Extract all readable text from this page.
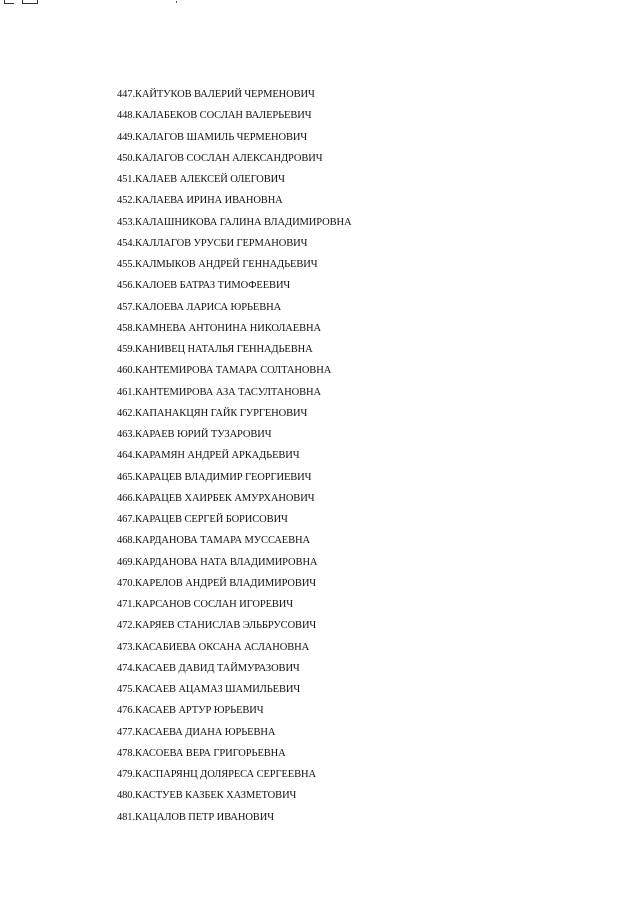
447.КАЙТУКОВ ВАЛЕРИЙ ЧЕРМЕНОВИЧ
448.КАЛАБЕКОВ СОСЛАН ВАЛЕРЬЕВИЧ
449.КАЛАГОВ ШАМИЛЬ ЧЕРМЕНОВИЧ
450.КАЛАГОВ СОСЛАН АЛЕКСАНДРОВИЧ
451.КАЛАЕВ АЛЕКСЕЙ ОЛЕГОВИЧ
452.КАЛАЕВА ИРИНА ИВАНОВНА
453.КАЛАШНИКОВА ГАЛИНА ВЛАДИМИРОВНА
454.КАЛЛАГОВ УРУСБИ ГЕРМАНОВИЧ
455.КАЛМЫКОВ АНДРЕЙ ГЕННАДЬЕВИЧ
456.КАЛОЕВ БАТРАЗ ТИМОФЕЕВИЧ
457.КАЛОЕВА ЛАРИСА ЮРЬЕВНА
458.КАМНЕВА АНТОНИНА НИКОЛАЕВНА
459.КАНИВЕЦ НАТАЛЬЯ ГЕННАДЬЕВНА
460.КАНТЕМИРОВА ТАМАРА СОЛТАНОВНА
461.КАНТЕМИРОВА АЗА ТАСУЛТАНОВНА
462.КАПАНАКЦЯН ГАЙК ГУРГЕНОВИЧ
463.КАРАЕВ ЮРИЙ ТУЗАРОВИЧ
464.КАРАМЯН АНДРЕЙ АРКАДЬЕВИЧ
465.КАРАЦЕВ ВЛАДИМИР ГЕОРГИЕВИЧ
466.КАРАЦЕВ ХАИРБЕК АМУРХАНОВИЧ
467.КАРАЦЕВ СЕРГЕЙ БОРИСОВИЧ
468.КАРДАНОВА ТАМАРА МУССАЕВНА
469.КАРДАНОВА НАТА ВЛАДИМИРОВНА
470.КАРЕЛОВ АНДРЕЙ ВЛАДИМИРОВИЧ
471.КАРСАНОВ СОСЛАН ИГОРЕВИЧ
472.КАРЯЕВ СТАНИСЛАВ ЭЛЬБРУСОВИЧ
473.КАСАБИЕВА ОКСАНА АСЛАНОВНА
474.КАСАЕВ ДАВИД ТАЙМУРАЗОВИЧ
475.КАСАЕВ АЦАМАЗ ШАМИЛЬЕВИЧ
476.КАСАЕВ АРТУР ЮРЬЕВИЧ
477.КАСАЕВА ДИАНА ЮРЬЕВНА
478.КАСОЕВА ВЕРА ГРИГОРЬЕВНА
479.КАСПАРЯНЦ ДОЛЯРЕСА СЕРГЕЕВНА
480.КАСТУЕВ КАЗБЕК ХАЗМЕТОВИЧ
481.КАЦАЛОВ ПЕТР ИВАНОВИЧ
